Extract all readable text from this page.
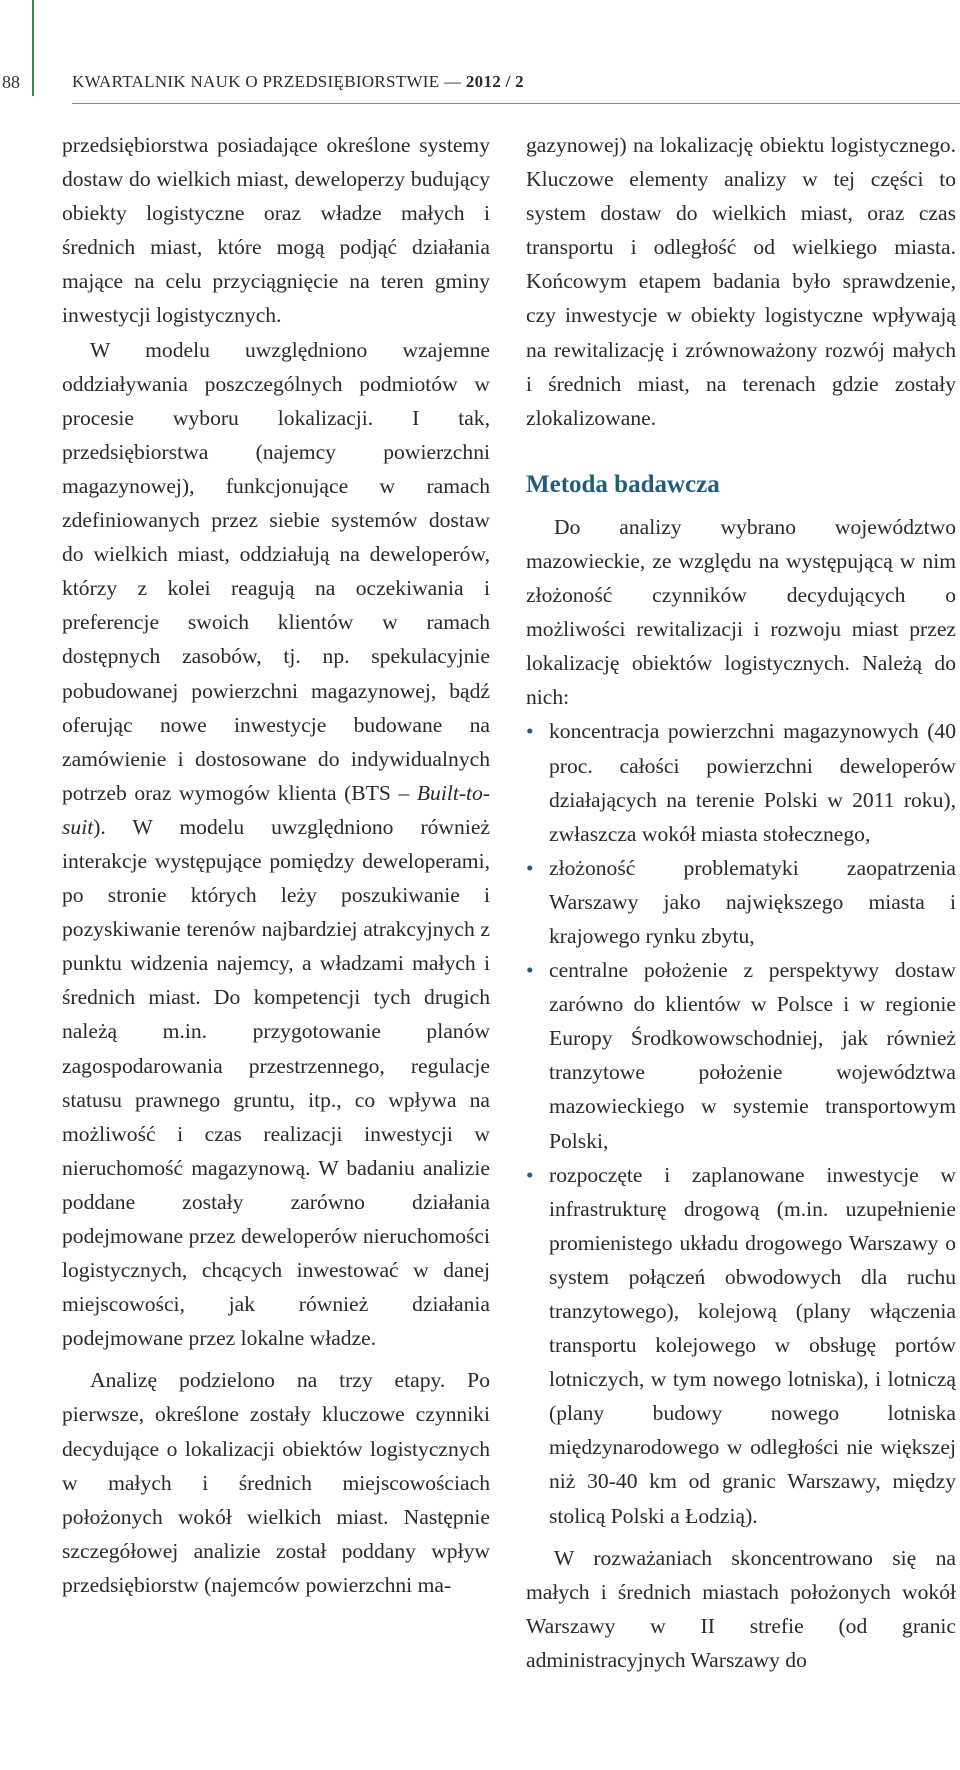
88	KWARTALNIK NAUK O PRZEDSIĘBIORSTWIE — 2012 / 2

przedsiębiorstwa posiadające określone systemy dostaw do wielkich miast, deweloperzy budujący obiekty logistyczne oraz władze małych i średnich miast, które mogą podjąć działania mające na celu przyciągnięcie na teren gminy inwestycji logistycznych.

W modelu uwzględniono wzajemne oddziaływania poszczególnych podmiotów w procesie wyboru lokalizacji. I tak, przedsiębiorstwa (najemcy powierzchni magazynowej), funkcjonujące w ramach zdefiniowanych przez siebie systemów dostaw do wielkich miast, oddziałują na deweloperów, którzy z kolei reagują na oczekiwania i preferencje swoich klientów w ramach dostępnych zasobów, tj. np. spekulacyjnie pobudowanej powierzchni magazynowej, bądź oferując nowe inwestycje budowane na zamówienie i dostosowane do indywidualnych potrzeb oraz wymogów klienta (BTS – Built-to-suit). W modelu uwzględniono również interakcje występujące pomiędzy deweloperami, po stronie których leży poszukiwanie i pozyskiwanie terenów najbardziej atrakcyjnych z punktu widzenia najemcy, a władzami małych i średnich miast. Do kompetencji tych drugich należą m.in. przygotowanie planów zagospodarowania przestrzennego, regulacje statusu prawnego gruntu, itp., co wpływa na możliwość i czas realizacji inwestycji w nieruchomość magazynową. W badaniu analizie poddane zostały zarówno działania podejmowane przez deweloperów nieruchomości logistycznych, chcących inwestować w danej miejscowości, jak również działania podejmowane przez lokalne władze.

Analizę podzielono na trzy etapy. Po pierwsze, określone zostały kluczowe czynniki decydujące o lokalizacji obiektów logistycznych w małych i średnich miejscowościach położonych wokół wielkich miast. Następnie szczegółowej analizie został poddany wpływ przedsiębiorstw (najemców powierzchni ma-

gazynowej) na lokalizację obiektu logistycznego. Kluczowe elementy analizy w tej części to system dostaw do wielkich miast, oraz czas transportu i odległość od wielkiego miasta. Końcowym etapem badania było sprawdzenie, czy inwestycje w obiekty logistyczne wpływają na rewitalizację i zrównoważony rozwój małych i średnich miast, na terenach gdzie zostały zlokalizowane.

Metoda badawcza

Do analizy wybrano województwo mazowieckie, ze względu na występującą w nim złożoność czynników decydujących o możliwości rewitalizacji i rozwoju miast przez lokalizację obiektów logistycznych. Należą do nich:

• koncentracja powierzchni magazynowych (40 proc. całości powierzchni deweloperów działających na terenie Polski w 2011 roku), zwłaszcza wokół miasta stołecznego,
• złożoność problematyki zaopatrzenia Warszawy jako największego miasta i krajowego rynku zbytu,
• centralne położenie z perspektywy dostaw zarówno do klientów w Polsce i w regionie Europy Środkowowschodniej, jak również tranzytowe położenie województwa mazowieckiego w systemie transportowym Polski,
• rozpoczęte i zaplanowane inwestycje w infrastrukturę drogową (m.in. uzupełnienie promienistego układu drogowego Warszawy o system połączeń obwodowych dla ruchu tranzytowego), kolejową (plany włączenia transportu kolejowego w obsługę portów lotniczych, w tym nowego lotniska), i lotniczą (plany budowy nowego lotniska międzynarodowego w odległości nie większej niż 30-40 km od granic Warszawy, między stolicą Polski a Łodzią).

W rozważaniach skoncentrowano się na małych i średnich miastach położonych wokół Warszawy w II strefie (od granic administracyjnych Warszawy do
